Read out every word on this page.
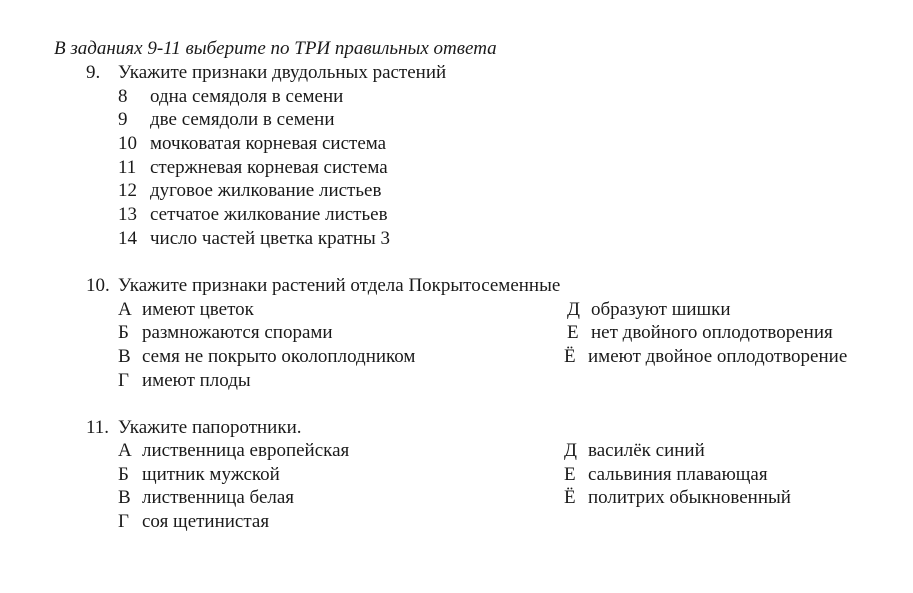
В заданиях 9-11 выберите по ТРИ правильных ответа
9. Укажите признаки двудольных растений
8 одна семядоля в семени
9 две семядоли в семени
10 мочковатая корневая система
11 стержневая корневая система
12 дуговое жилкование листьев
13 сетчатое жилкование листьев
14 число частей цветка кратны 3
10. Укажите признаки растений отдела Покрытосеменные
А имеют цветок
Б размножаются спорами
В семя не покрыто околоплодником
Г имеют плоды
Д образуют шишки
Е нет двойного оплодотворения
Ё имеют двойное оплодотворение
11. Укажите папоротники.
А лиственница европейская
Б щитник мужской
В лиственница белая
Г соя щетинистая
Д василёк синий
Е сальвиния плавающая
Ё политрих обыкновенный
